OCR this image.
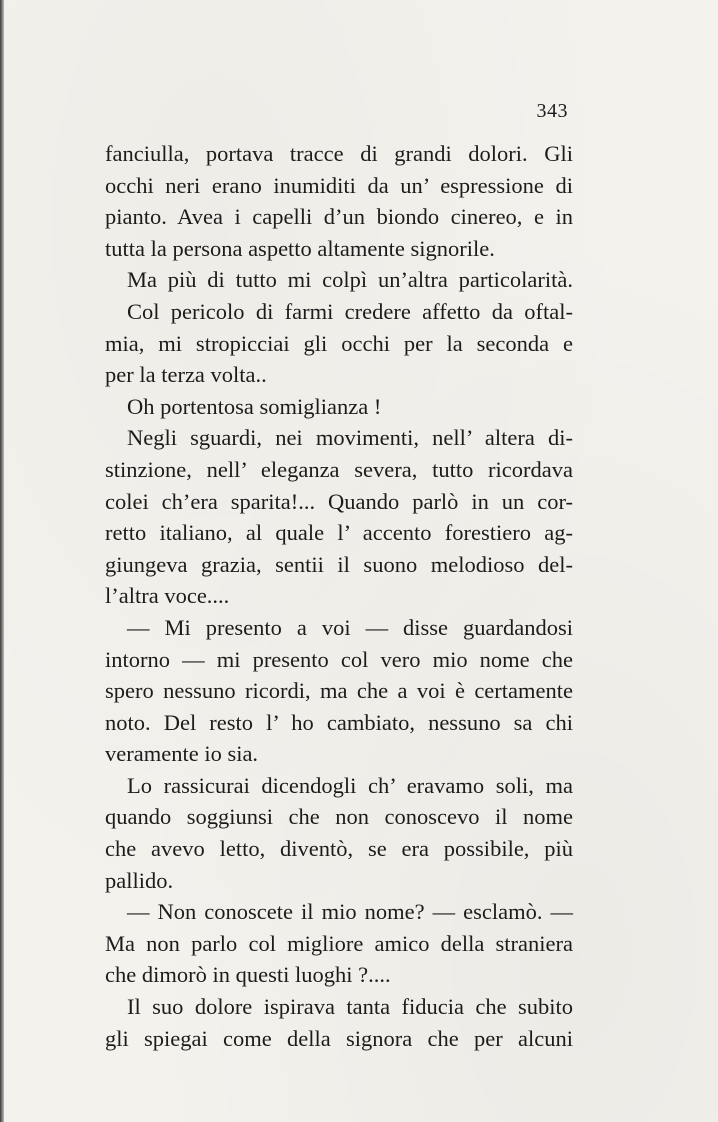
343
fanciulla, portava tracce di grandi dolori. Gli
occhi neri erano inumiditi da un’ espressione di
pianto. Avea i capelli d’un biondo cinereo, e in
tutta la persona aspetto altamente signorile.
Ma più di tutto mi colpì un’altra particolarità.
Col pericolo di farmi credere affetto da oftal-
mia, mi stropicciai gli occhi per la seconda e
per la terza volta..
Oh portentosa somiglianza !
Negli sguardi, nei movimenti, nell’ altera di-
stinzione, nell’ eleganza severa, tutto ricordava
colei ch’era sparita!... Quando parlò in un cor-
retto italiano, al quale l’ accento forestiero ag-
giungeva grazia, sentii il suono melodioso del-
l’altra voce....
— Mi presento a voi — disse guardandosi
intorno — mi presento col vero mio nome che
spero nessuno ricordi, ma che a voi è certamente
noto. Del resto l’ ho cambiato, nessuno sa chi
veramente io sia.
Lo rassicurai dicendogli ch’ eravamo soli, ma
quando soggiunsi che non conoscevo il nome
che avevo letto, diventò, se era possibile, più
pallido.
— Non conoscete il mio nome? — esclamò. —
Ma non parlo col migliore amico della straniera
che dimorò in questi luoghi ?....
Il suo dolore ispirava tanta fiducia che subito
gli spiegai come della signora che per alcuni
